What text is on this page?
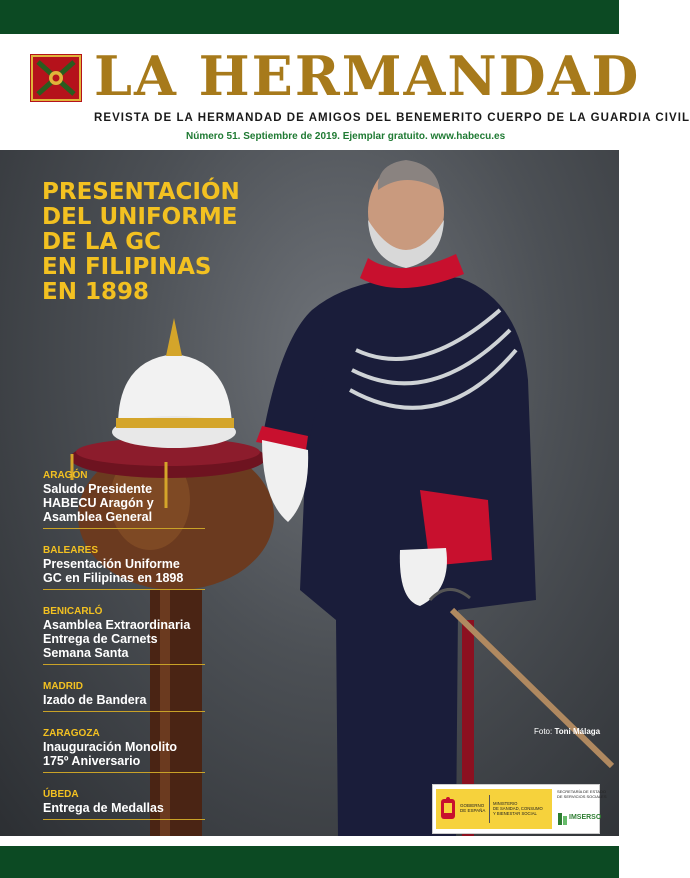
LA HERMANDAD
REVISTA DE LA HERMANDAD DE AMIGOS DEL BENEMERITO CUERPO DE LA GUARDIA CIVIL
Número 51. Septiembre de 2019. Ejemplar gratuito. www.habecu.es
PRESENTACIÓN
DEL UNIFORME
DE LA GC
EN FILIPINAS
EN 1898
ARAGÓN
Saludo Presidente
HABECU Aragón y
Asamblea General
BALEARES
Presentación Uniforme
GC en Filipinas en 1898
BENICARLÓ
Asamblea Extraordinaria
Entrega de Carnets
Semana Santa
MADRID
Izado de Bandera
ZARAGOZA
Inauguración Monolito
175º Aniversario
ÚBEDA
Entrega de Medallas
Foto: Toni Málaga
GOBIERNO
DE ESPAÑA
MINISTERIO
DE SANIDAD, CONSUMO
Y BIENESTAR SOCIAL
SECRETARÍA DE ESTADO
DE SERVICIOS SOCIALES
IMSERSO
